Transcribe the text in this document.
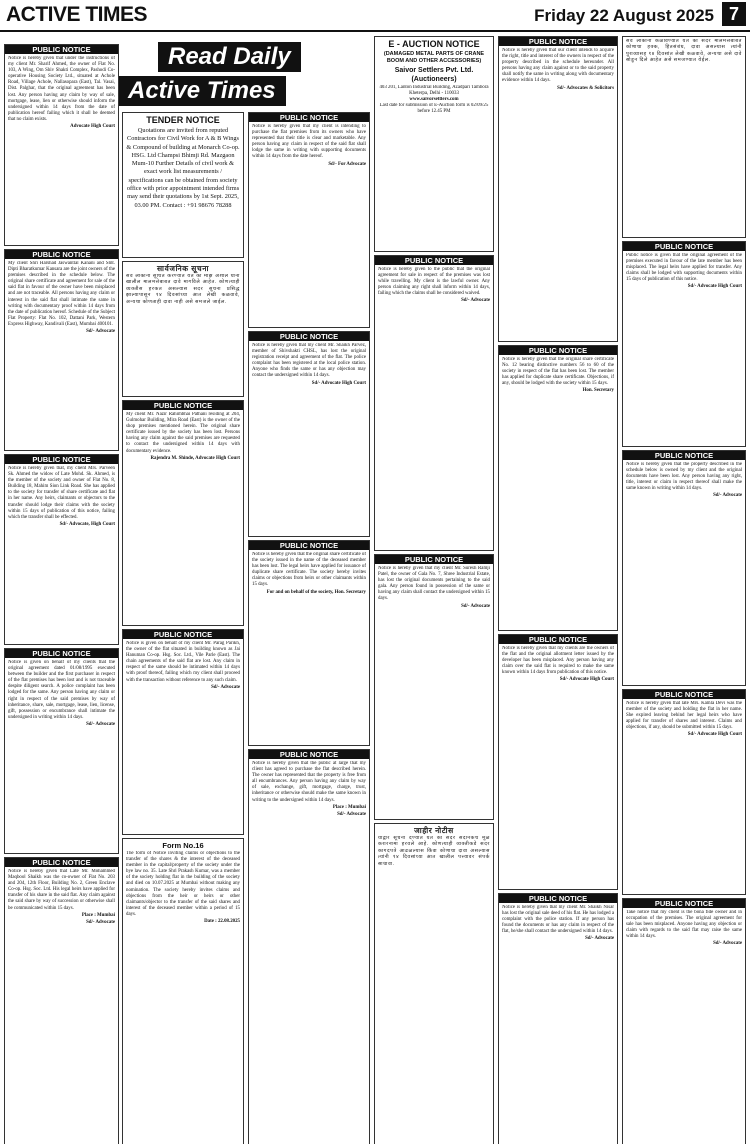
ACTIVE TIMES	Friday 22 August 2025 7
Read Daily
Active Times
PUBLIC NOTICE
Notice is hereby given that under the instructions of my client Mr. Sharif Ahmed, the owner of Flat No. 103, A Wing, Om Shiv Shakti Complex, Pashodi Co-operative Housing Society Ltd., situated at Achole Road, Village Achole, Nallasopara (East), Tal. Vasai, Dist. Palghar, that the original agreement has been lost. Any person having any claim by way of sale, mortgage, lease, lien or otherwise should inform the undersigned within 14 days from the date of publication hereof failing which it shall be deemed that no claim exists.
Advocate High Court
PUBLIC NOTICE
My client Shri Harshad Jaswantlal Kanani and Smt. Dipti Bharatkumar Kansara are the joint owners of the premises described in the schedule below. The original share certificate and agreement for sale of the said flat in favour of the owner have been misplaced and are not traceable. All persons having any claim or interest in the said flat shall intimate the same in writing with documentary proof within 14 days from the date of publication hereof. Schedule of the Subject Flat Property: Flat No. 102, Dattani Park, Western Express Highway, Kandivali (East), Mumbai 400101.
Sd/- Advocate
PUBLIC NOTICE
Notice is hereby given that, my client Mrs. Parveen Sk. Ahmed the widow of Late Mohd. Sk. Ahmed, is the member of the society and owner of Flat No. 8, Building 18, Mahim Sion Link Road. She has applied to the society for transfer of share certificate and flat in her name. Any heirs, claimants or objectors to the transfer should lodge their claims with the society within 15 days of publication of this notice, failing which the transfer shall be effected.
Sd/- Advocate, High Court
PUBLIC NOTICE
Notice is given on behalf of my clients that the original agreement dated 01/08/1995 executed between the builder and the first purchaser in respect of the flat premises has been lost and is not traceable despite diligent search. A police complaint has been lodged for the same. Any person having any claim or right in respect of the said premises by way of inheritance, share, sale, mortgage, lease, lien, license, gift, possession or encumbrance shall intimate the undersigned in writing within 14 days.
Sd/- Advocate
PUBLIC NOTICE
Notice is hereby given that Late Mr. Mohammed Maqbool Shaikh was the co-owner of Flat No. 203 and 204, 12th Floor, Building No. 2, Green Enclave Co-op. Hsg. Soc. Ltd. His legal heirs have applied for transfer of his share in the said flat. Any claim against the said share by way of succession or otherwise shall be communicated within 15 days.
Place : Mumbai
Sd/- Advocate
TENDER NOTICE
Quotations are invited from reputed Contractors for Civil Work for A & B Wings & Compound of building at Monarch Co-op. HSG. Ltd Champsi Bhimji Rd. Mazgaon Mum-10 Further Details of civil work & exact work list measurements / specifications can be obtained from society office with prior appointment intended firms may send their quotations by 1st Sept. 2025, 03.00 PM. Contact : +91 98676 78288
सार्वजनिक सूचना
सर्व लोकांना सूचित करण्यात येते की माझे अशील यांनी खालील मालमत्तेबाबत दावे मागविले आहेत. कोणत्याही व्यक्तीस हरकत असल्यास सदर सूचना प्रसिद्ध झाल्यापासून १४ दिवसांच्या आत लेखी कळवावे, अन्यथा कोणताही दावा नाही असे समजले जाईल.
PUBLIC NOTICE
My client Mr. Nazir Rahimbhai Pathani residing at 204, Gulmohar Building, Mira Road (East) is the owner of the shop premises mentioned herein. The original share certificate issued by the society has been lost. Persons having any claim against the said premises are requested to contact the undersigned within 14 days with documentary evidence.
Rajendra M. Shinde, Advocate High Court
PUBLIC NOTICE
Notice is given on behalf of my client Mr. Parag Parikh, the owner of the flat situated in building known as Jai Hanuman Co-op. Hsg. Soc. Ltd., Vile Parle (East). The chain agreements of the said flat are lost. Any claim in respect of the same should be intimated within 14 days with proof thereof, failing which my client shall proceed with the transaction without reference to any such claim.
Sd/- Advocate
Form No.16
The form of Notice inviting claims or objections to the transfer of the shares & the interest of the deceased member in the capital/property of the society under the bye law no. 35. Late Shri Prakash Kumar, was a member of the society holding flat in the building of the society and died on 10.07.2025 at Mumbai without making any nomination. The society hereby invites claims and objections from the heir or heirs or other claimants/objector to the transfer of the said shares and interest of the deceased member within a period of 15 days.
Date : 22.08.2025
PUBLIC NOTICE
Notice is hereby given that my client is intending to purchase the flat premises from its owners who have represented that their title is clear and marketable. Any person having any claim in respect of the said flat shall lodge the same in writing with supporting documents within 14 days from the date hereof.
Sd/- For Advocate
PUBLIC NOTICE
Notice is hereby given that my client Mr. Shaikh Parvez, member of Shivshakti CHSL, has lost the original registration receipt and agreement of the flat. The police complaint has been registered at the local police station. Anyone who finds the same or has any objection may contact the undersigned within 14 days.
Sd/- Advocate High Court
PUBLIC NOTICE
Notice is hereby given that the original share certificate of the society issued in the name of the deceased member has been lost. The legal heirs have applied for issuance of duplicate share certificate. The society hereby invites claims or objections from heirs or other claimants within 15 days.
For and on behalf of the society, Hon. Secretary
PUBLIC NOTICE
Notice is hereby given that the public at large that my client has agreed to purchase the flat described herein. The owner has represented that the property is free from all encumbrances. Any person having any claim by way of sale, exchange, gift, mortgage, charge, trust, inheritance or otherwise should make the same known in writing to the undersigned within 14 days.
Place : Mumbai
Sd/- Advocate
E - AUCTION NOTICE
(DAMAGED METAL PARTS OF CRANE BOOM AND OTHER ACCESSORIES)
Saivor Settlers Pvt. Ltd. (Auctioneers)
403 201, Lanton Industrial Building, Azadpari Tambora Kheterpa, Delhi - 110033
www.saivorsettlers.com
Last date for submission of E-Auction form is 02/09/25 before 12.45 PM
PUBLIC NOTICE
Notice is hereby given to the public that the original agreement for sale in respect of the premises was lost while travelling. My client is the lawful owner. Any person claiming any right shall inform within 14 days, failing which the claims shall be considered waived.
Sd/- Advocate
PUBLIC NOTICE
Notice is hereby given that my client Mr. Suresh Ramji Patel, the owner of Gala No. 7, Shree Industrial Estate, has lost the original documents pertaining to the said gala. Any person found in possession of the same or having any claim shall contact the undersigned within 15 days.
Sd/- Advocate
जाहीर नोटीस
याद्वारे सूचना देण्यात येते की सदर सदनिकेचे मूळ करारनामा हरवले आहे. कोणत्याही व्यक्तीकडे सदर कागदपत्रे आढळल्यास किंवा कोणाचा दावा असल्यास त्यांनी १४ दिवसांच्या आत खालील पत्त्यावर संपर्क साधावा.
PUBLIC NOTICE
Notice is hereby given that our client intends to acquire the right, title and interest of the owners in respect of the property described in the schedule hereunder. All persons having any claim against or to the said property shall notify the same in writing along with documentary evidence within 14 days.
Sd/- Advocates & Solicitors
PUBLIC NOTICE
Notice is hereby given that the original share certificate No. 12 bearing distinctive numbers 56 to 60 of the society in respect of the flat has been lost. The member has applied for duplicate share certificate. Objections, if any, should be lodged with the society within 15 days.
Hon. Secretary
PUBLIC NOTICE
Notice is hereby given that my clients are the owners of the flat and the original allotment letter issued by the developer has been misplaced. Any person having any claim over the said flat is required to make the same known within 14 days from publication of this notice.
Sd/- Advocate High Court
PUBLIC NOTICE
Notice is hereby given that my client Mr. Shaikh Nisar has lost the original sale deed of his flat. He has lodged a complaint with the police station. If any person has found the documents or has any claim in respect of the flat, he/she shall contact the undersigned within 14 days.
Sd/- Advocate
सर्व लोकांना कळविण्यात येते की सदर मालमत्तेबाबत कोणाचा हक्क, हितसंबंध, दावा असल्यास त्यांनी पुराव्यासह १४ दिवसांत लेखी कळवावे, अन्यथा असे दावे सोडून दिले आहेत असे समजण्यात येईल.
PUBLIC NOTICE
Public notice is given that the original agreement of the premises executed in favour of the late member has been misplaced. The legal heirs have applied for transfer. Any claims shall be lodged with supporting documents within 15 days of publication of this notice.
Sd/- Advocate High Court
PUBLIC NOTICE
Notice is hereby given that the property described in the schedule below is owned by my client and the original documents have been lost. Any person having any right, title, interest or claim in respect thereof shall make the same known in writing within 14 days.
Sd/- Advocate
PUBLIC NOTICE
Notice is hereby given that late Mrs. Kamla Devi was the member of the society and holding the flat in her name. She expired leaving behind her legal heirs who have applied for transfer of shares and interest. Claims and objections, if any, should be submitted within 15 days.
Sd/- Advocate High Court
PUBLIC NOTICE
Take notice that my client is the bona fide owner and in occupation of the premises. The original agreement for sale has been misplaced. Anyone having any objection or claim with regards to the said flat may raise the same within 14 days.
Sd/- Advocate
